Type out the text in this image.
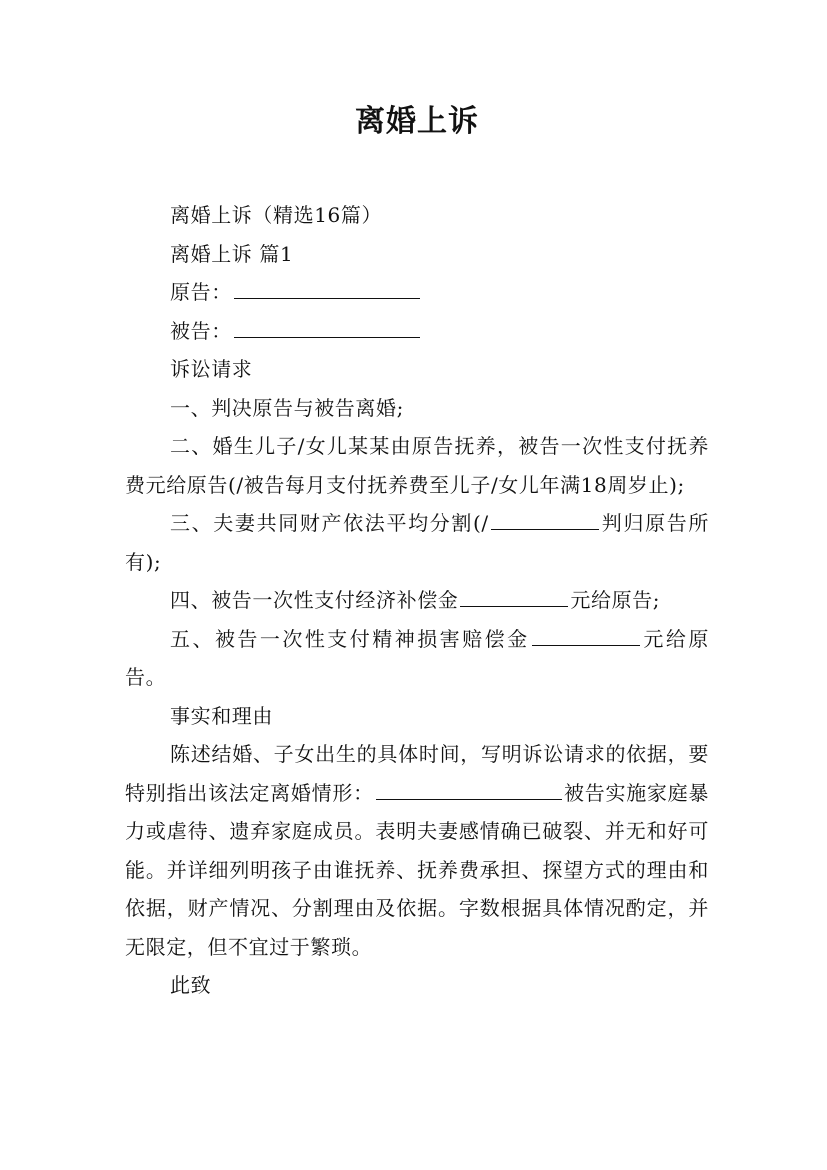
离婚上诉

离婚上诉（精选16篇）

离婚上诉 篇1

原告：

被告：

诉讼请求

一、判决原告与被告离婚;

二、婚生儿子/女儿某某由原告抚养，被告一次性支付抚养费元给原告(/被告每月支付抚养费至儿子/女儿年满18周岁止);

三、夫妻共同财产依法平均分割(/	判归原告所有);

四、被告一次性支付经济补偿金	元给原告;

五、被告一次性支付精神损害赔偿金	元给原告。

事实和理由

陈述结婚、子女出生的具体时间，写明诉讼请求的依据，要特别指出该法定离婚情形：	被告实施家庭暴力或虐待、遗弃家庭成员。表明夫妻感情确已破裂、并无和好可能。并详细列明孩子由谁抚养、抚养费承担、探望方式的理由和依据，财产情况、分割理由及依据。字数根据具体情况酌定，并无限定，但不宜过于繁琐。

此致
